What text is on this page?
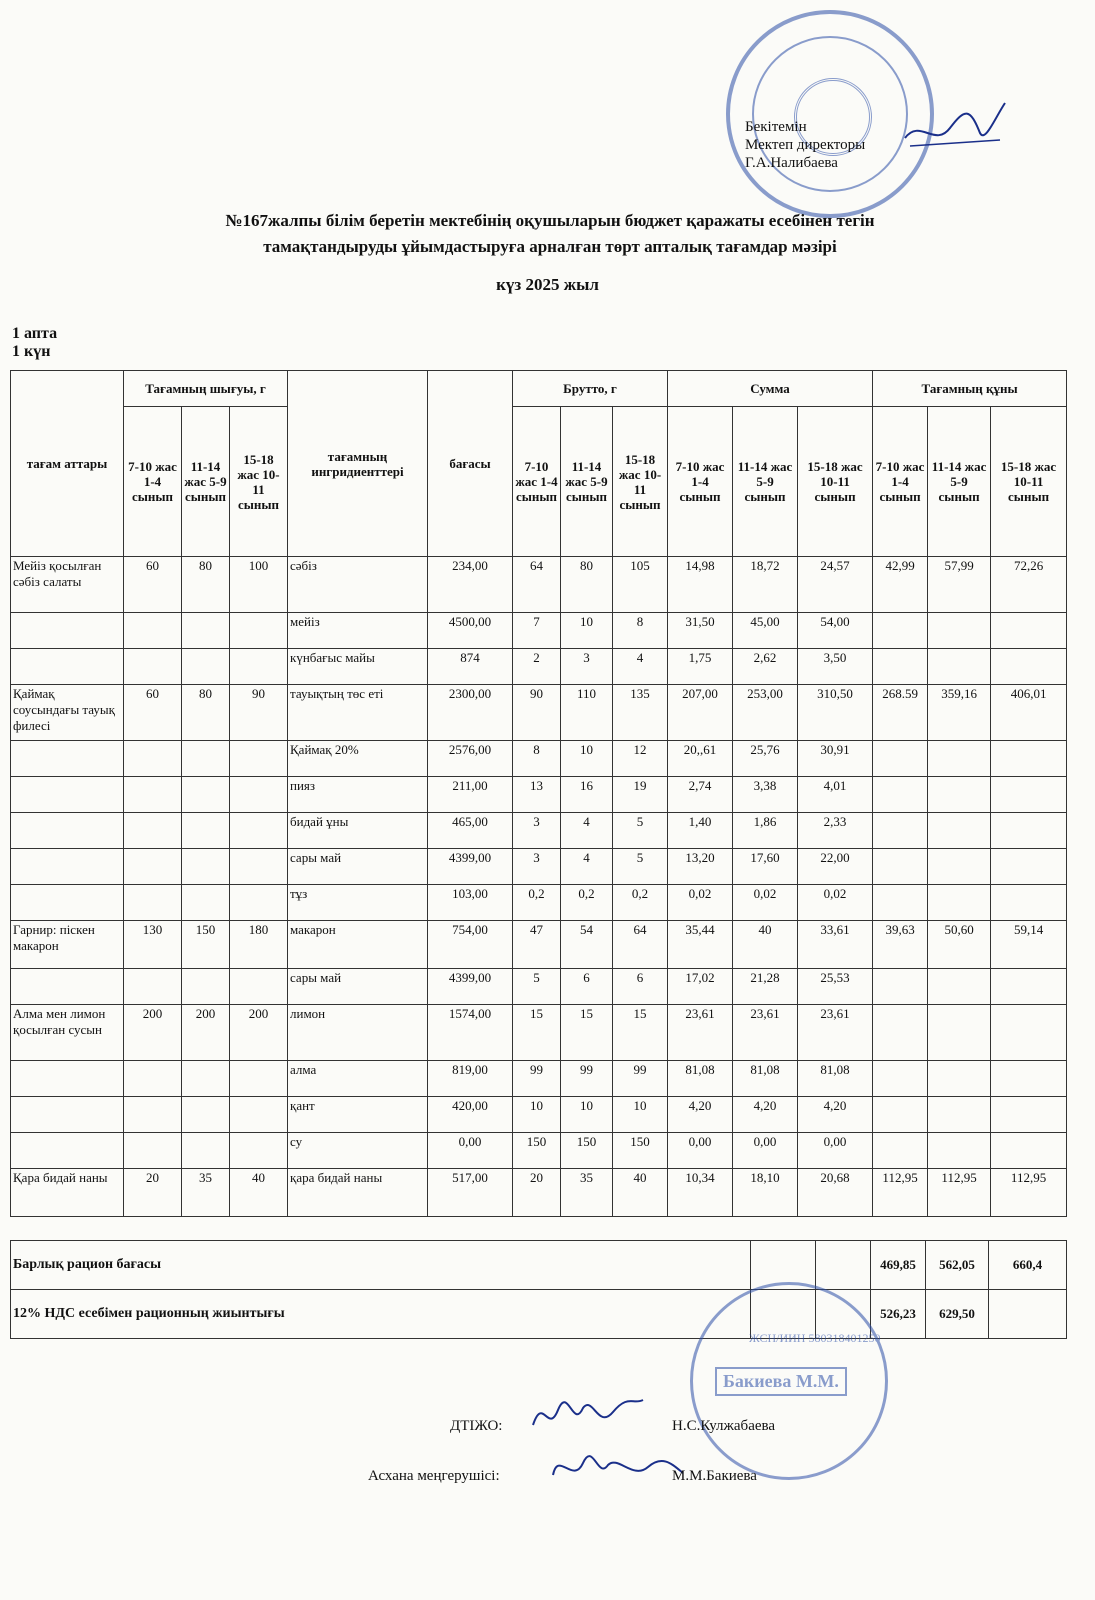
Бекітемін
Мектеп директоры
Г.А.Налибаева
№167жалпы білім беретін мектебінің оқушыларын бюджет қаражаты есебінен тегін
тамақтандыруды ұйымдастыруға арналған төрт апталық тағамдар мәзірі
күз 2025 жыл
1 апта
1 күн
тағам аттары	Тағамның шығуы, г			тағамның ингридиенттері	бағасы	Брутто, г			Сумма			Тағамның құны		
	7-10 жас 1-4 сынып	11-14 жас 5-9 сынып	15-18 жас 10-11 сынып			7-10 жас 1-4 сынып	11-14 жас 5-9 сынып	15-18 жас 10-11 сынып	7-10 жас 1-4 сынып	11-14 жас 5-9 сынып	15-18 жас 10-11 сынып	7-10 жас 1-4 сынып	11-14 жас 5-9 сынып	15-18 жас 10-11 сынып
Мейіз қосылған сәбіз салаты	60	80	100	сәбіз	234,00	64	80	105	14,98	18,72	24,57	42,99	57,99	72,26
				мейіз	4500,00	7	10	8	31,50	45,00	54,00			
				күнбағыс майы	874	2	3	4	1,75	2,62	3,50			
Қаймақ соусындағы тауық филесі	60	80	90	тауықтың төс еті	2300,00	90	110	135	207,00	253,00	310,50	268.59	359,16	406,01
				Қаймақ 20%	2576,00	8	10	12	20,,61	25,76	30,91			
				пияз	211,00	13	16	19	2,74	3,38	4,01			
				бидай ұны	465,00	3	4	5	1,40	1,86	2,33			
				сары май	4399,00	3	4	5	13,20	17,60	22,00			
				тұз	103,00	0,2	0,2	0,2	0,02	0,02	0,02			
Гарнир: піскен макарон	130	150	180	макарон	754,00	47	54	64	35,44	40	33,61	39,63	50,60	59,14
				сары май	4399,00	5	6	6	17,02	21,28	25,53			
Алма мен лимон қосылған сусын	200	200	200	лимон	1574,00	15	15	15	23,61	23,61	23,61			
				алма	819,00	99	99	99	81,08	81,08	81,08			
				қант	420,00	10	10	10	4,20	4,20	4,20			
				су	0,00	150	150	150	0,00	0,00	0,00			
Қара бидай наны	20	35	40	қара бидай наны	517,00	20	35	40	10,34	18,10	20,68	112,95	112,95	112,95
Барлық рацион бағасы			469,85	562,05	660,4
12% НДС есебімен рационның жиынтығы			526,23	629,50	
ЖСН/ИИН 580318401250
Бакиева М.М.
ДТІЖО:	Н.С.Кулжабаева
Асхана меңгерушісі:	М.М.Бакиева
